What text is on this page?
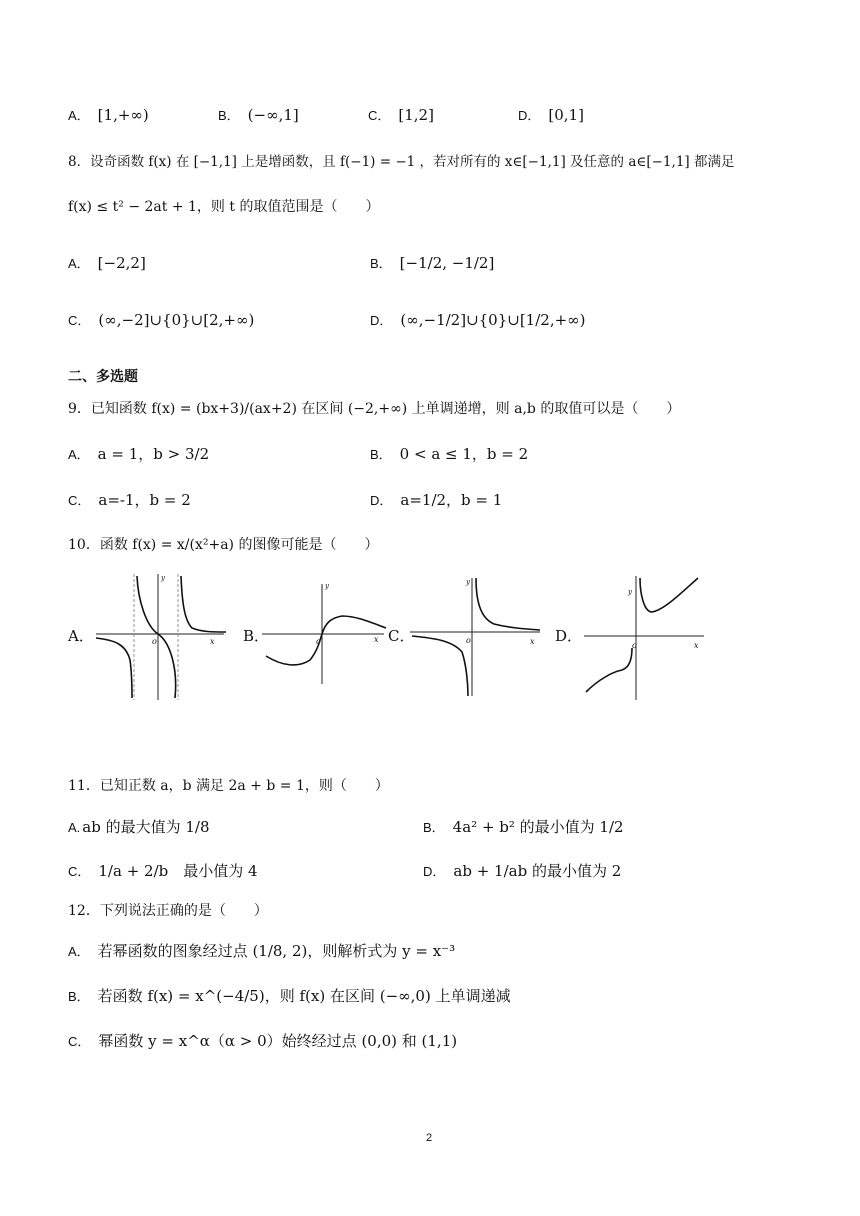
A． [1,+∞)	B． (−∞,1]	C． [1,2]	D． [0,1]
8．设奇函数 f(x) 在 [−1,1] 上是增函数，且 f(−1) = −1 ，若对所有的 x∈[−1,1] 及任意的 a∈[−1,1] 都满足
f(x) ≤ t² − 2at + 1，则 t 的取值范围是（　　）
A． [−2,2]	B． [−1/2, −1/2]
C． (∞,−2]∪{0}∪[2,+∞)	D． (∞,−1/2]∪{0}∪[1/2,+∞)
二、多选题
9．已知函数 f(x) = (bx+3)/(ax+2) 在区间 (−2,+∞) 上单调递增，则 a,b 的取值可以是（　　）
A． a = 1，b > 3/2	B． 0 < a ≤ 1，b = 2
C． a=-1，b = 2	D． a=1/2，b = 1
10．函数 f(x) = x/(x²+a) 的图像可能是（　　）
A．	o	x
y
B．	o	x
y
C．	o	x
y
D．
o	x
y
11．已知正数 a，b 满足 2a + b = 1，则（　　）
A. ab 的最大值为 1/8	B． 4a² + b² 的最小值为 1/2
C． 1/a + 2/b　最小值为 4	D． ab + 1/ab 的最小值为 2
12．下列说法正确的是（　　）
A． 若幂函数的图象经过点 (1/8, 2)，则解析式为 y = x⁻³
B． 若函数 f(x) = x^(−4/5)，则 f(x) 在区间 (−∞,0) 上单调递减
C． 幂函数 y = x^α（α > 0）始终经过点 (0,0) 和 (1,1)
2
